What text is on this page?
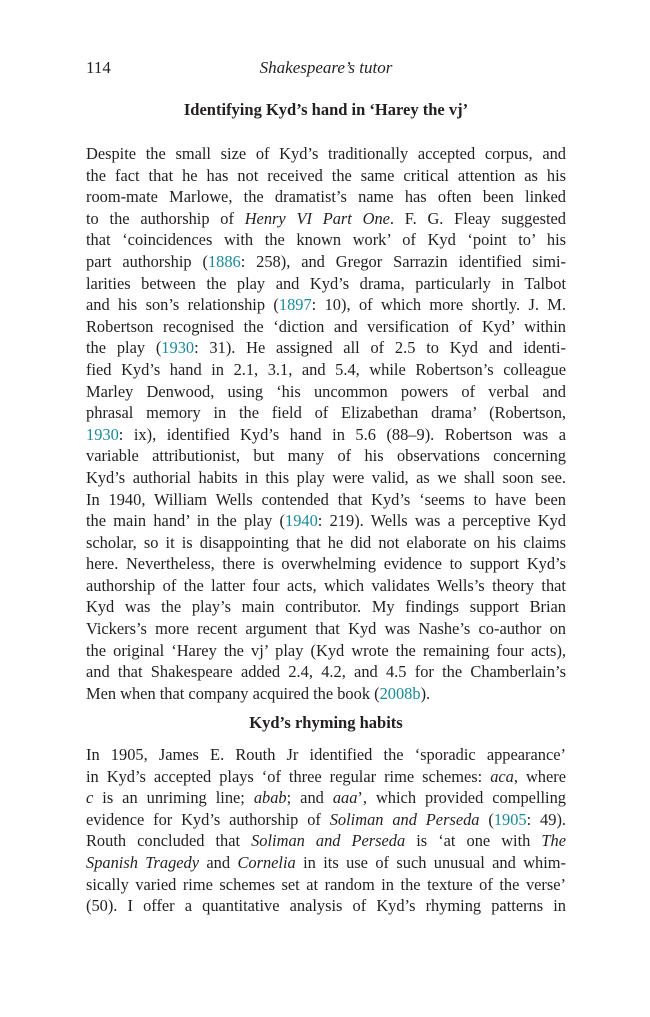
114	Shakespeare’s tutor
Identifying Kyd’s hand in ‘Harey the vj’

Despite the small size of Kyd’s traditionally accepted corpus, and
the fact that he has not received the same critical attention as his
room-mate Marlowe, the dramatist’s name has often been linked
to the authorship of Henry VI Part One. F. G. Fleay suggested
that ‘coincidences with the known work’ of Kyd ‘point to’ his
part authorship (1886: 258), and Gregor Sarrazin identified simi-
larities between the play and Kyd’s drama, particularly in Talbot
and his son’s relationship (1897: 10), of which more shortly. J. M.
Robertson recognised the ‘diction and versification of Kyd’ within
the play (1930: 31). He assigned all of 2.5 to Kyd and identi-
fied Kyd’s hand in 2.1, 3.1, and 5.4, while Robertson’s colleague
Marley Denwood, using ‘his uncommon powers of verbal and
phrasal memory in the field of Elizabethan drama’ (Robertson,
1930: ix), identified Kyd’s hand in 5.6 (88–9). Robertson was a
variable attributionist, but many of his observations concerning
Kyd’s authorial habits in this play were valid, as we shall soon see.
In 1940, William Wells contended that Kyd’s ‘seems to have been
the main hand’ in the play (1940: 219). Wells was a perceptive Kyd
scholar, so it is disappointing that he did not elaborate on his claims
here. Nevertheless, there is overwhelming evidence to support Kyd’s
authorship of the latter four acts, which validates Wells’s theory that
Kyd was the play’s main contributor. My findings support Brian
Vickers’s more recent argument that Kyd was Nashe’s co-author on
the original ‘Harey the vj’ play (Kyd wrote the remaining four acts),
and that Shakespeare added 2.4, 4.2, and 4.5 for the Chamberlain’s
Men when that company acquired the book (2008b).

Kyd’s rhyming habits

In 1905, James E. Routh Jr identified the ‘sporadic appearance’
in Kyd’s accepted plays ‘of three regular rime schemes: aca, where
c is an unriming line; abab; and aaa’, which provided compelling
evidence for Kyd’s authorship of Soliman and Perseda (1905: 49).
Routh concluded that Soliman and Perseda is ‘at one with The
Spanish Tragedy and Cornelia in its use of such unusual and whim-
sically varied rime schemes set at random in the texture of the verse’
(50). I offer a quantitative analysis of Kyd’s rhyming patterns in
